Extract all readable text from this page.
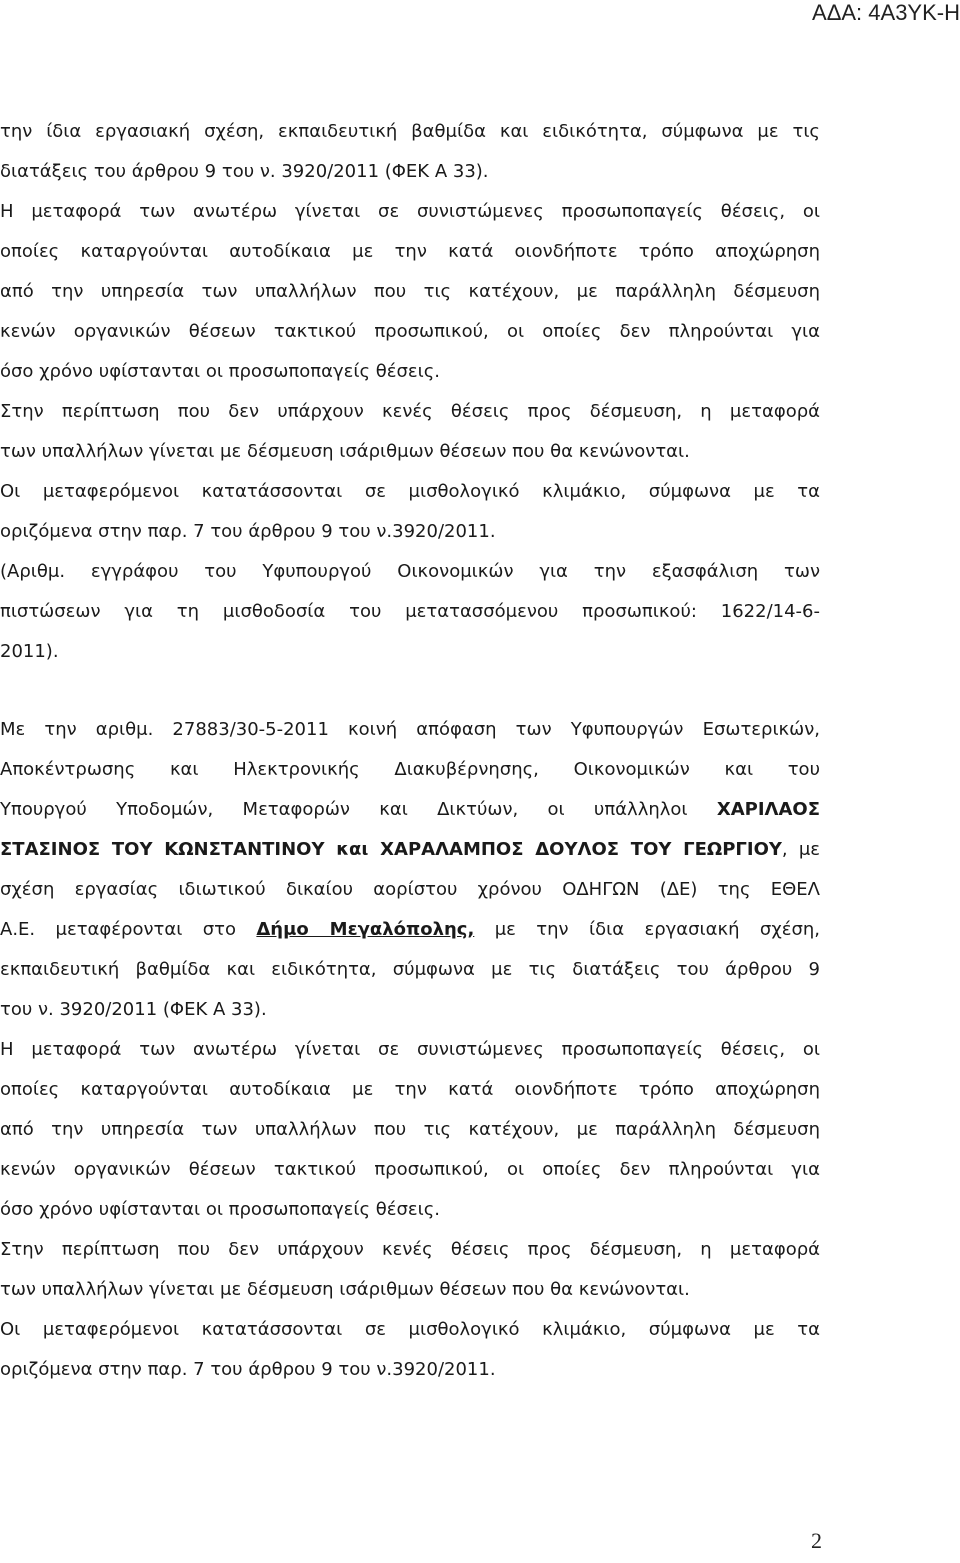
ΑΔΑ: 4Α3ΥΚ-Η
την ίδια εργασιακή σχέση, εκπαιδευτική βαθμίδα και ειδικότητα, σύμφωνα με τις
διατάξεις του άρθρου 9 του ν. 3920/2011 (ΦΕΚ Α 33).
Η μεταφορά των ανωτέρω γίνεται σε συνιστώμενες προσωποπαγείς θέσεις, οι
οποίες καταργούνται αυτοδίκαια με την κατά οιονδήποτε τρόπο αποχώρηση
από την υπηρεσία των υπαλλήλων που τις κατέχουν, με παράλληλη δέσμευση
κενών οργανικών θέσεων τακτικού προσωπικού, οι οποίες δεν πληρούνται για
όσο χρόνο υφίστανται οι προσωποπαγείς θέσεις.
Στην περίπτωση που δεν υπάρχουν κενές θέσεις προς δέσμευση, η μεταφορά
των υπαλλήλων γίνεται με δέσμευση ισάριθμων θέσεων που θα κενώνονται.
Οι μεταφερόμενοι κατατάσσονται σε μισθολογικό κλιμάκιο, σύμφωνα με τα
οριζόμενα στην παρ. 7 του άρθρου 9 του ν.3920/2011.
(Αριθμ. εγγράφου του Υφυπουργού Οικονομικών για την εξασφάλιση των
πιστώσεων για τη μισθοδοσία του μετατασσόμενου προσωπικού: 1622/14-6-
2011).
Με την αριθμ. 27883/30-5-2011 κοινή απόφαση των Υφυπουργών Εσωτερικών,
Αποκέντρωσης και Ηλεκτρονικής Διακυβέρνησης, Οικονομικών και του
Υπουργού Υποδομών, Μεταφορών και Δικτύων, οι υπάλληλοι ΧΑΡΙΛΑΟΣ
ΣΤΑΣΙΝΟΣ ΤΟΥ ΚΩΝΣΤΑΝΤΙΝΟΥ και ΧΑΡΑΛΑΜΠΟΣ ΔΟΥΛΟΣ ΤΟΥ ΓΕΩΡΓΙΟΥ, με
σχέση εργασίας ιδιωτικού δικαίου αορίστου χρόνου ΟΔΗΓΩΝ (ΔΕ) της ΕΘΕΛ
Α.Ε. μεταφέρονται στο Δήμο Μεγαλόπολης, με την ίδια εργασιακή σχέση,
εκπαιδευτική βαθμίδα και ειδικότητα, σύμφωνα με τις διατάξεις του άρθρου 9
του ν. 3920/2011 (ΦΕΚ Α 33).
Η μεταφορά των ανωτέρω γίνεται σε συνιστώμενες προσωποπαγείς θέσεις, οι
οποίες καταργούνται αυτοδίκαια με την κατά οιονδήποτε τρόπο αποχώρηση
από την υπηρεσία των υπαλλήλων που τις κατέχουν, με παράλληλη δέσμευση
κενών οργανικών θέσεων τακτικού προσωπικού, οι οποίες δεν πληρούνται για
όσο χρόνο υφίστανται οι προσωποπαγείς θέσεις.
Στην περίπτωση που δεν υπάρχουν κενές θέσεις προς δέσμευση, η μεταφορά
των υπαλλήλων γίνεται με δέσμευση ισάριθμων θέσεων που θα κενώνονται.
Οι μεταφερόμενοι κατατάσσονται σε μισθολογικό κλιμάκιο, σύμφωνα με τα
οριζόμενα στην παρ. 7 του άρθρου 9 του ν.3920/2011.
2
